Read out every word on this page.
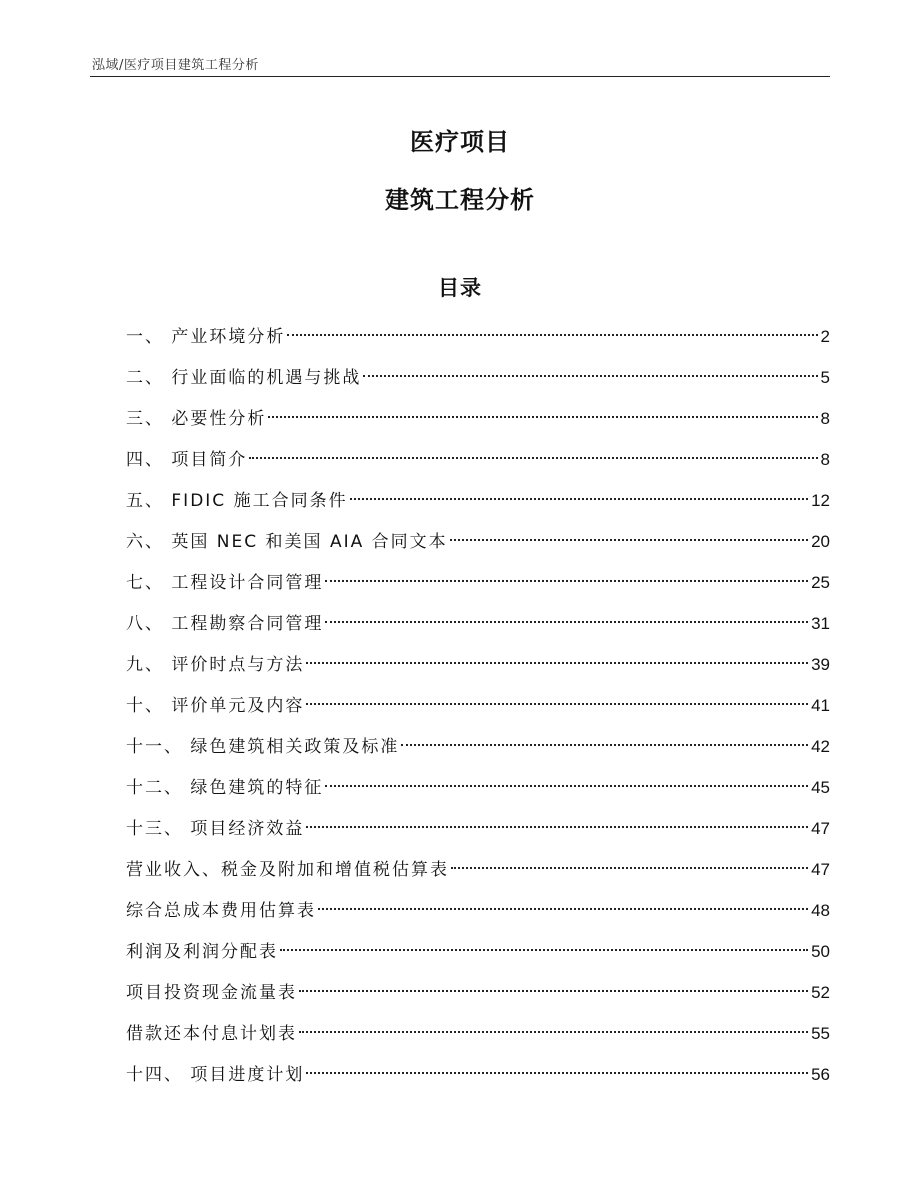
泓域/医疗项目建筑工程分析
医疗项目
建筑工程分析
目录
一、 产业环境分析	2
二、 行业面临的机遇与挑战	5
三、 必要性分析	8
四、 项目简介	8
五、 FIDIC 施工合同条件	12
六、 英国 NEC 和美国 AIA 合同文本	20
七、 工程设计合同管理	25
八、 工程勘察合同管理	31
九、 评价时点与方法	39
十、 评价单元及内容	41
十一、 绿色建筑相关政策及标准	42
十二、 绿色建筑的特征	45
十三、 项目经济效益	47
营业收入、税金及附加和增值税估算表	47
综合总成本费用估算表	48
利润及利润分配表	50
项目投资现金流量表	52
借款还本付息计划表	55
十四、 项目进度计划	56
